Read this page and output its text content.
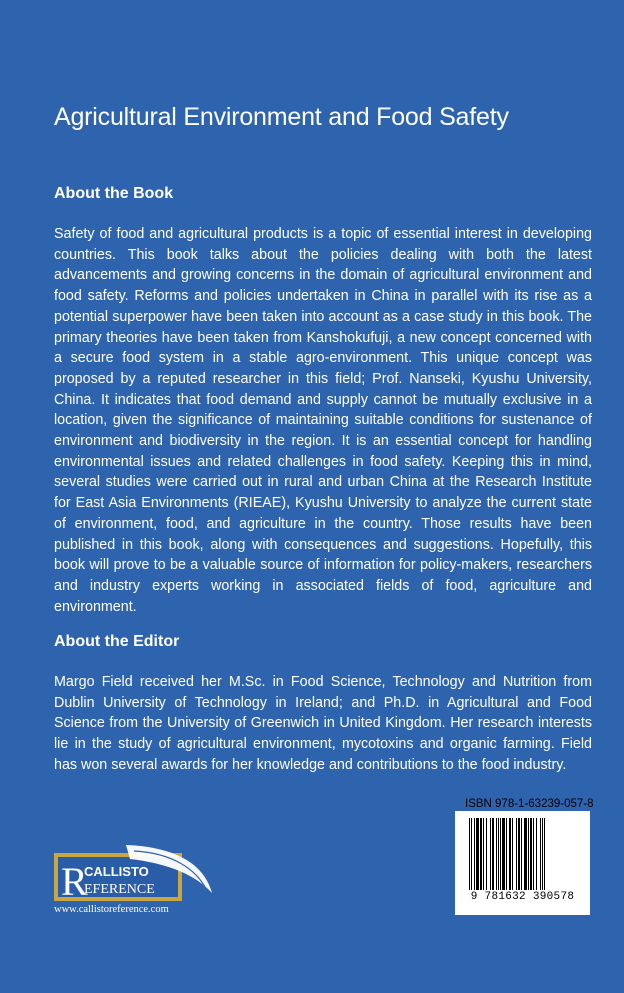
Agricultural Environment and Food Safety
About the Book

Safety of food and agricultural products is a topic of essential interest in developing countries. This book talks about the policies dealing with both the latest advancements and growing concerns in the domain of agricultural environment and food safety. Reforms and policies undertaken in China in parallel with its rise as a potential superpower have been taken into account as a case study in this book. The primary theories have been taken from Kanshokufuji, a new concept concerned with a secure food system in a stable agro-environment. This unique concept was proposed by a reputed researcher in this field; Prof. Nanseki, Kyushu University, China. It indicates that food demand and supply cannot be mutually exclusive in a location, given the significance of maintaining suitable conditions for sustenance of environment and biodiversity in the region. It is an essential concept for handling environmental issues and related challenges in food safety. Keeping this in mind, several studies were carried out in rural and urban China at the Research Institute for East Asia Environments (RIEAE), Kyushu University to analyze the current state of environment, food, and agriculture in the country. Those results have been published in this book, along with consequences and suggestions. Hopefully, this book will prove to be a valuable source of information for policy-makers, researchers and industry experts working in associated fields of food, agriculture and environment.

About the Editor

Margo Field received her M.Sc. in Food Science, Technology and Nutrition from Dublin University of Technology in Ireland; and Ph.D. in Agricultural and Food Science from the University of Greenwich in United Kingdom. Her research interests lie in the study of agricultural environment, mycotoxins and organic farming. Field has won several awards for her knowledge and contributions to the food industry.

9 781632 390578
ISBN 978-1-63239-057-8
R
CALLISTO
EFERENCE
www.callistoreference.com
